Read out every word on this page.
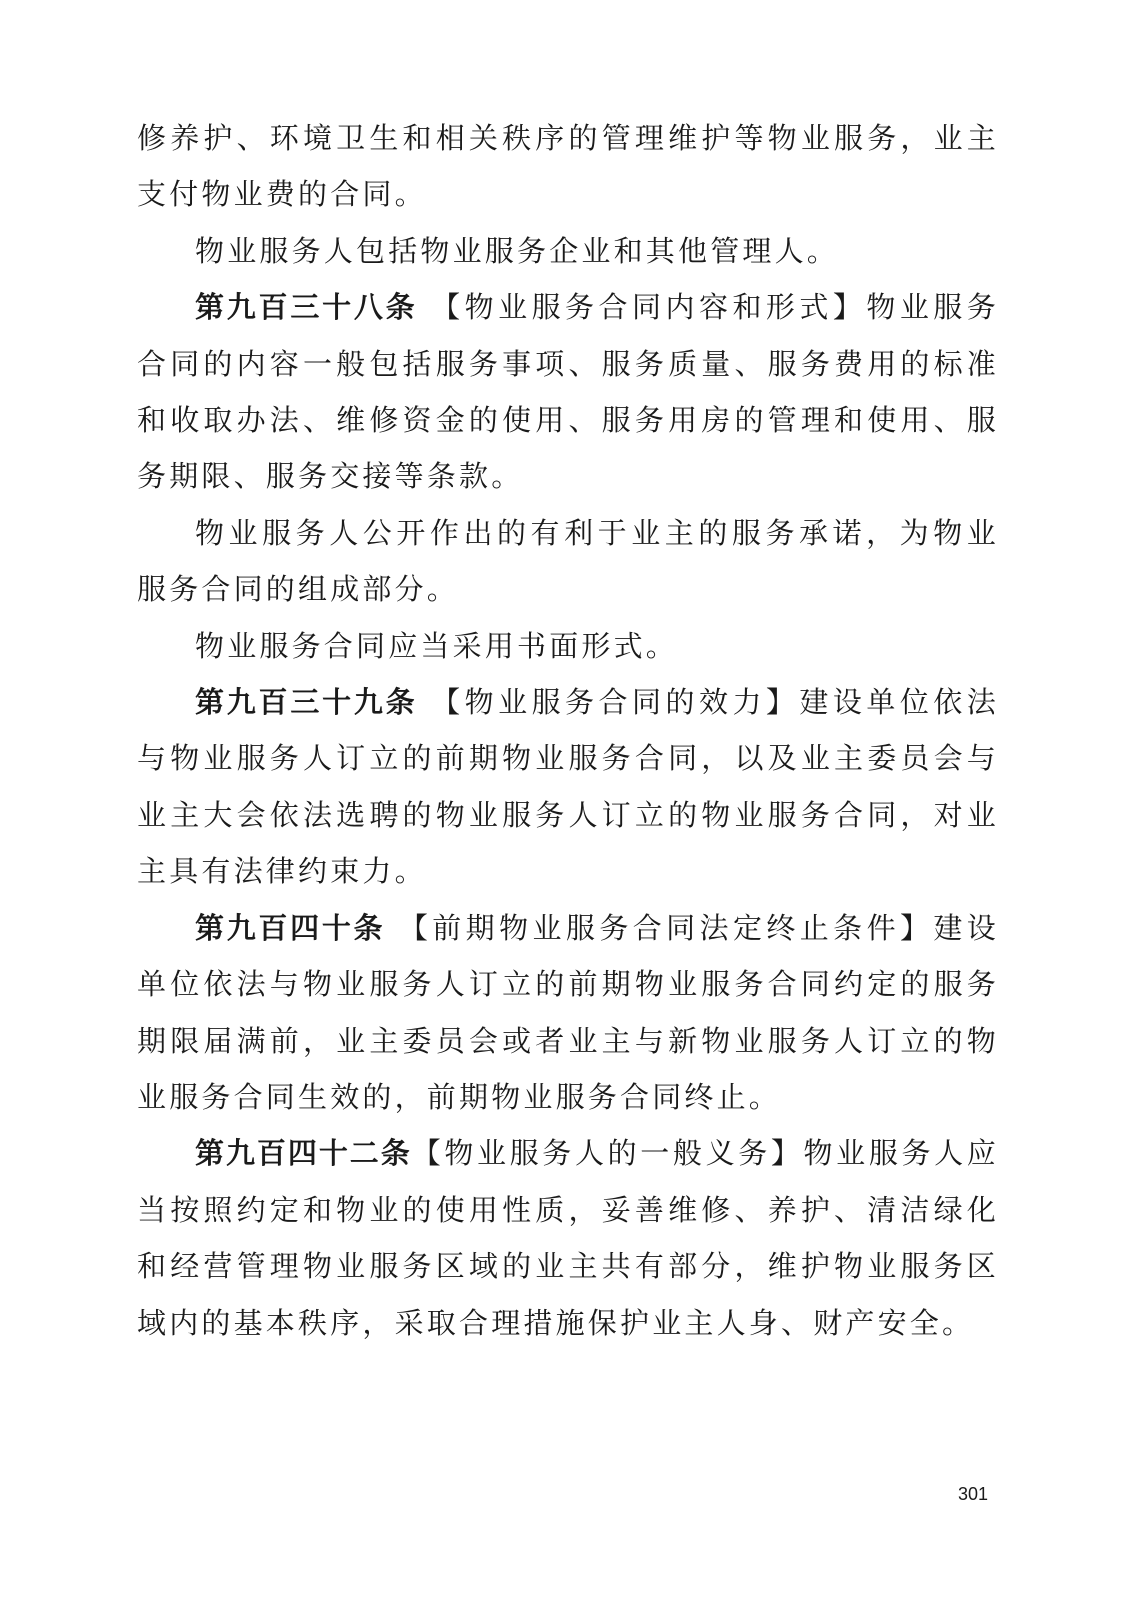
修养护、环境卫生和相关秩序的管理维护等物业服务，业主支付物业费的合同。

物业服务人包括物业服务企业和其他管理人。

第九百三十八条 【物业服务合同内容和形式】物业服务合同的内容一般包括服务事项、服务质量、服务费用的标准和收取办法、维修资金的使用、服务用房的管理和使用、服务期限、服务交接等条款。

物业服务人公开作出的有利于业主的服务承诺，为物业服务合同的组成部分。

物业服务合同应当采用书面形式。

第九百三十九条 【物业服务合同的效力】建设单位依法与物业服务人订立的前期物业服务合同，以及业主委员会与业主大会依法选聘的物业服务人订立的物业服务合同，对业主具有法律约束力。

第九百四十条 【前期物业服务合同法定终止条件】建设单位依法与物业服务人订立的前期物业服务合同约定的服务期限届满前，业主委员会或者业主与新物业服务人订立的物业服务合同生效的，前期物业服务合同终止。

第九百四十二条【物业服务人的一般义务】物业服务人应当按照约定和物业的使用性质，妥善维修、养护、清洁绿化和经营管理物业服务区域的业主共有部分，维护物业服务区域内的基本秩序，采取合理措施保护业主人身、财产安全。

301
